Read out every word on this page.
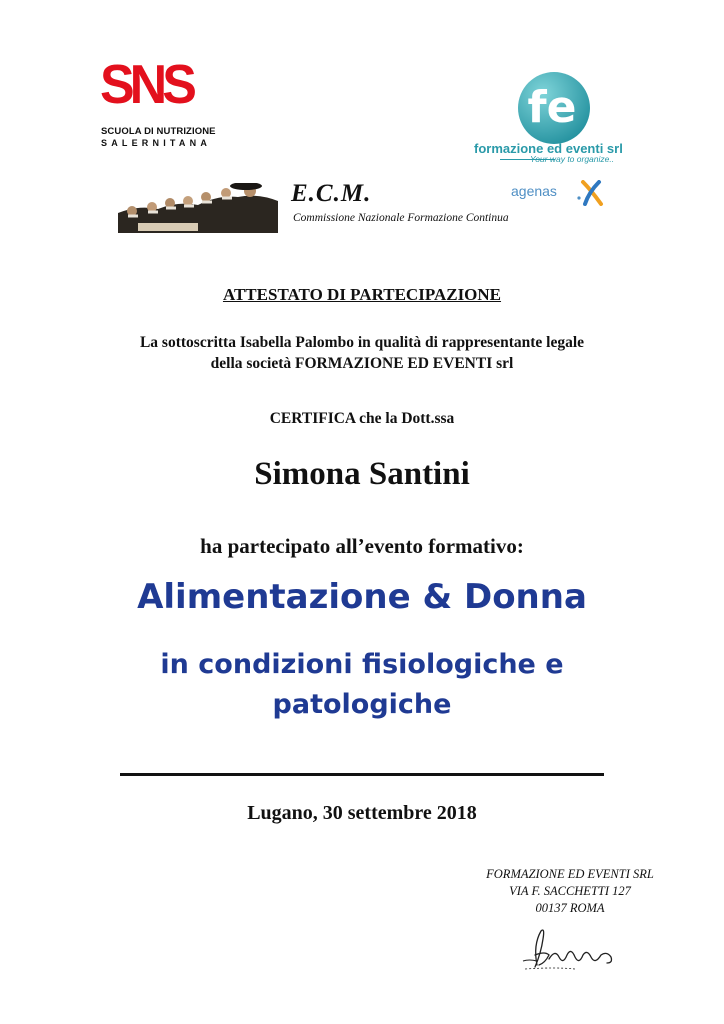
SNS
SCUOLA DI NUTRIZIONE
SALERNITANA
fe
formazione ed eventi srl
Your way to organize..
E.C.M.
Commissione Nazionale Formazione Continua
agenas
ATTESTATO DI PARTECIPAZIONE
La sottoscritta Isabella Palombo in qualità di rappresentante legale
della società FORMAZIONE ED EVENTI srl
CERTIFICA che la Dott.ssa
Simona Santini
ha partecipato all’evento formativo:
Alimentazione & Donna
in condizioni fisiologiche e
patologiche
Lugano, 30 settembre 2018
FORMAZIONE ED EVENTI SRL
VIA F. SACCHETTI 127
00137 ROMA
